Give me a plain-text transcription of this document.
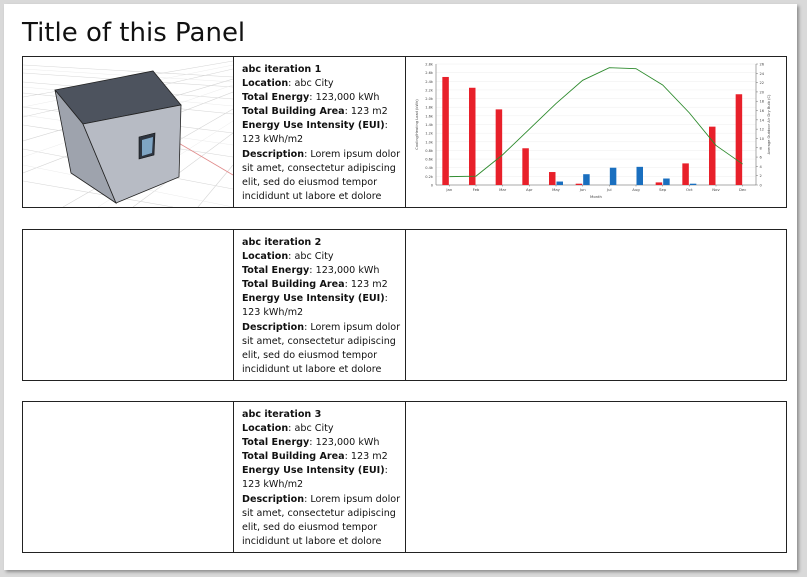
Title of this Panel
abc iteration 1
Location: abc City
Total Energy: 123,000 kWh
Total Building Area: 123 m2
Energy Use Intensity (EUI): 123 kWh/m2
Description: Lorem ipsum dolor sit amet, consectetur adipiscing elit, sed do eiusmod tempor incididunt ut labore et dolore
0
0.2k
0.4k
0.6k
0.8k
1.0k
1.2k
1.4k
1.6k
1.8k
2.0k
2.2k
2.4k
2.6k
2.8k
0
2
4
6
8
10
12
14
16
18
20
22
24
26
Jan	Feb	Mar	Apr	May	Jun	Jul	Aug	Sep	Oct	Nov	Dec
Month
Cooling/Heating Load (kWh)	Average Outdoor Air Dry Bulb (C)
abc iteration 2
Location: abc City
Total Energy: 123,000 kWh
Total Building Area: 123 m2
Energy Use Intensity (EUI): 123 kWh/m2
Description: Lorem ipsum dolor sit amet, consectetur adipiscing elit, sed do eiusmod tempor incididunt ut labore et dolore
abc iteration 3
Location: abc City
Total Energy: 123,000 kWh
Total Building Area: 123 m2
Energy Use Intensity (EUI): 123 kWh/m2
Description: Lorem ipsum dolor sit amet, consectetur adipiscing elit, sed do eiusmod tempor incididunt ut labore et dolore
